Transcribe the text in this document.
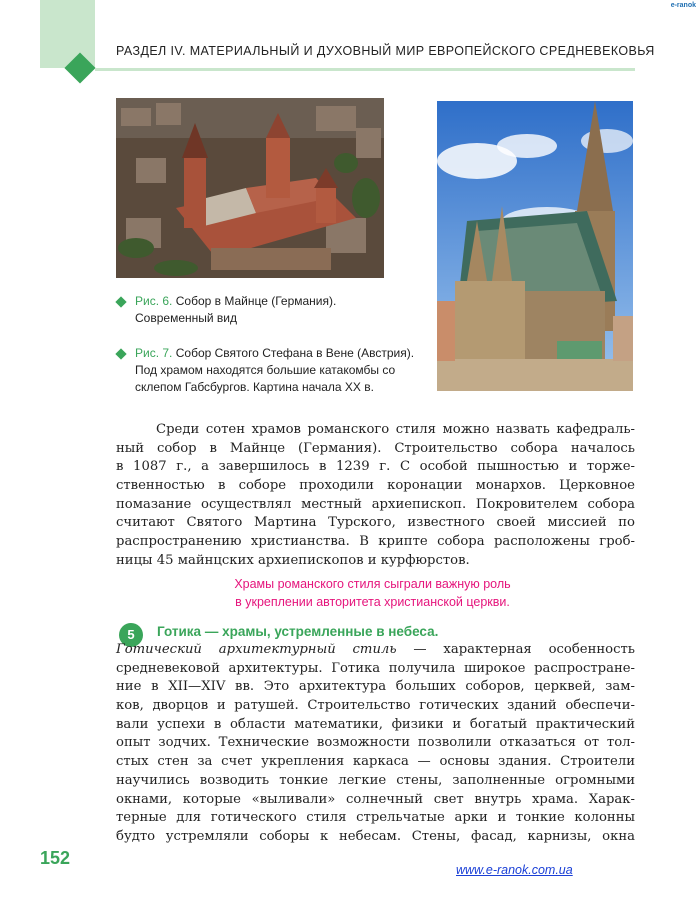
РАЗДЕЛ IV. МАТЕРИАЛЬНЫЙ И ДУХОВНЫЙ МИР ЕВРОПЕЙСКОГО СРЕДНЕВЕКОВЬЯ
e-ranok
Рис. 6. Собор в Майнце (Германия). Современный вид
Рис. 7. Собор Святого Стефана в Вене (Австрия). Под храмом находятся большие катакомбы со склепом Габсбургов. Картина начала XX в.
Среди сотен храмов романского стиля можно назвать кафедраль-
ный собор в Майнце (Германия). Строительство собора началось
в 1087 г., а завершилось в 1239 г. С особой пышностью и торже-
ственностью в соборе проходили коронации монархов. Церковное
помазание осуществлял местный архиепископ. Покровителем собора
считают Святого Мартина Турского, известного своей миссией по
распространению христианства. В крипте собора расположены гроб-
ницы 45 майнцских архиепископов и курфюрстов.
Храмы романского стиля сыграли важную роль
в укреплении авторитета христианской церкви.
5	Готика — храмы, устремленные в небеса.
Готический архитектурный стиль — характерная особенность
средневековой архитектуры. Готика получила широкое распростране-
ние в XII—XIV вв. Это архитектура больших соборов, церквей, зам-
ков, дворцов и ратушей. Строительство готических зданий обеспечи-
вали успехи в области математики, физики и богатый практический
опыт зодчих. Технические возможности позволили отказаться от тол-
стых стен за счет укрепления каркаса — основы здания. Строители
научились возводить тонкие легкие стены, заполненные огромными
окнами, которые «выливали» солнечный свет внутрь храма. Харак-
терные для готического стиля стрельчатые арки и тонкие колонны
будто устремляли соборы к небесам. Стены, фасад, карнизы, окна
152
www.e-ranok.com.ua
